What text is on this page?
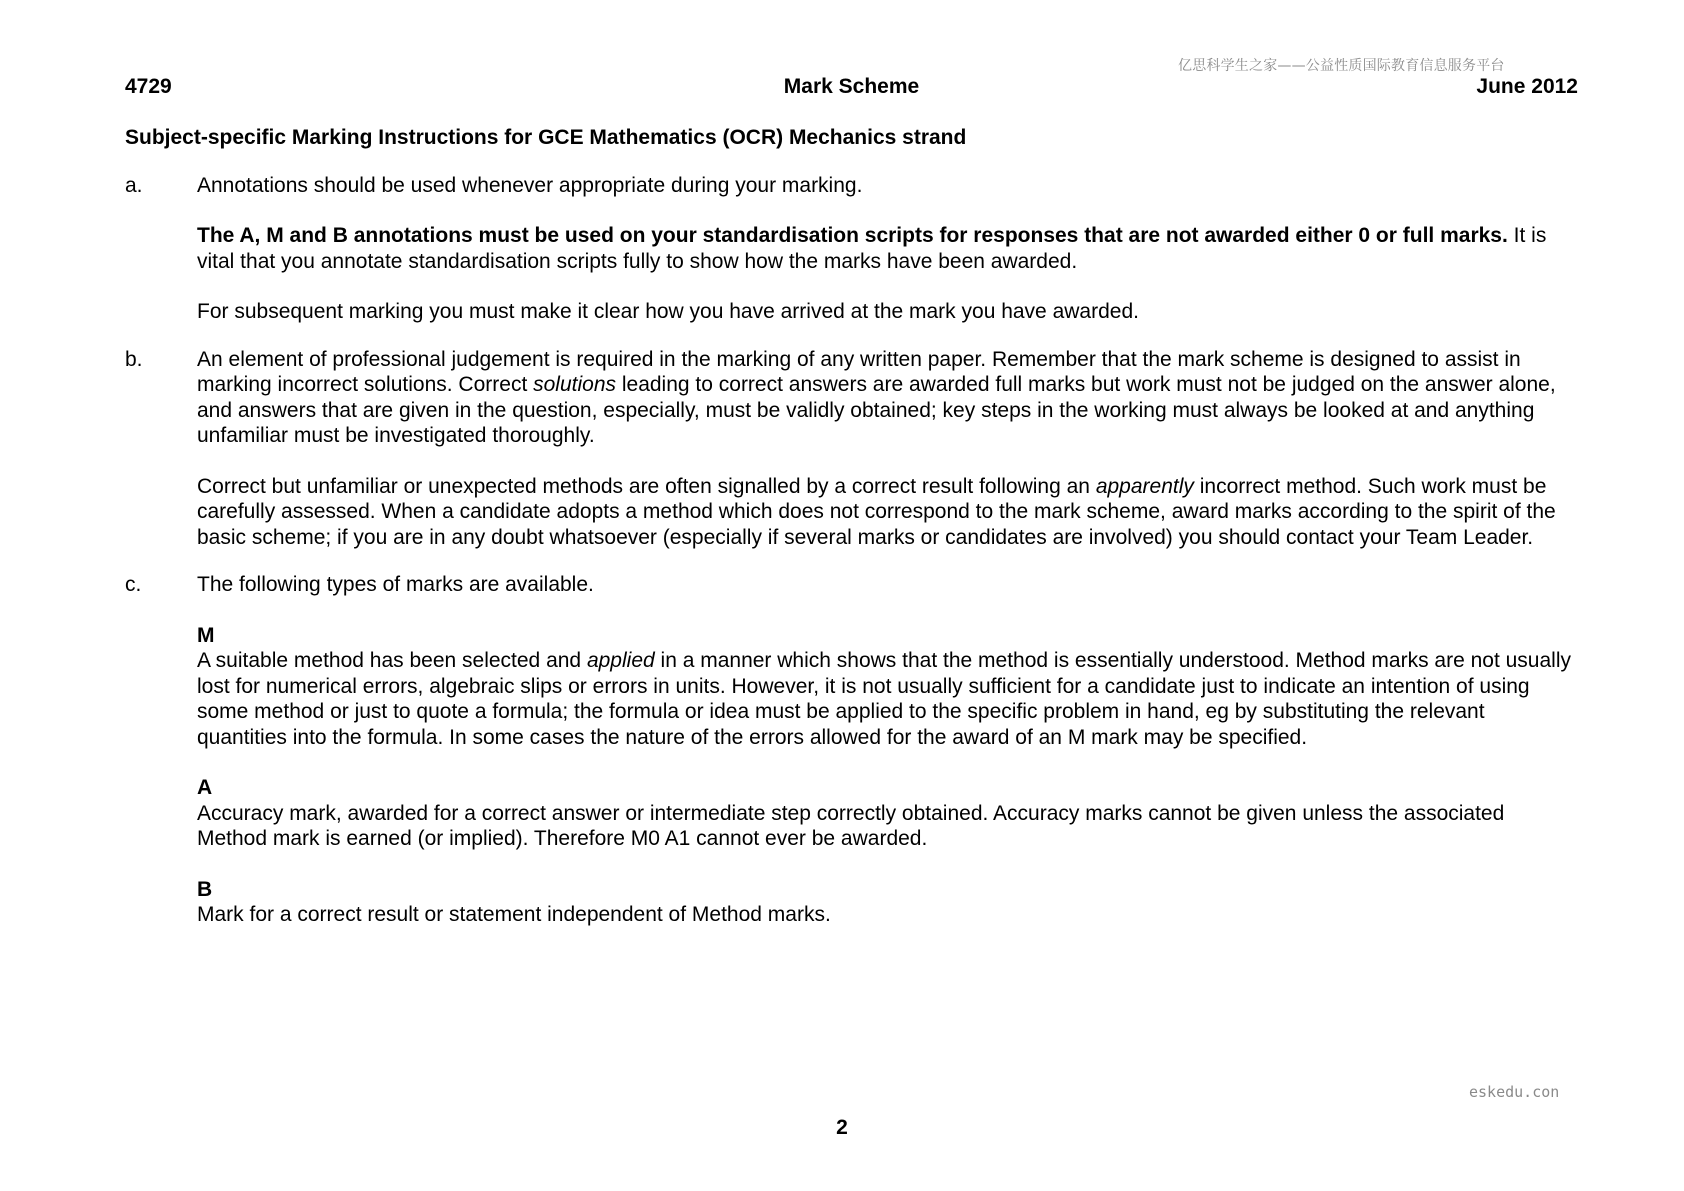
亿思科学生之家——公益性质国际教育信息服务平台
4729	Mark Scheme	June 2012
Subject-specific Marking Instructions for GCE Mathematics (OCR) Mechanics strand
a.	Annotations should be used whenever appropriate during your marking.

The A, M and B annotations must be used on your standardisation scripts for responses that are not awarded either 0 or full marks. It is vital that you annotate standardisation scripts fully to show how the marks have been awarded.

For subsequent marking you must make it clear how you have arrived at the mark you have awarded.

b.	An element of professional judgement is required in the marking of any written paper. Remember that the mark scheme is designed to assist in marking incorrect solutions. Correct solutions leading to correct answers are awarded full marks but work must not be judged on the answer alone, and answers that are given in the question, especially, must be validly obtained; key steps in the working must always be looked at and anything unfamiliar must be investigated thoroughly.

Correct but unfamiliar or unexpected methods are often signalled by a correct result following an apparently incorrect method. Such work must be carefully assessed. When a candidate adopts a method which does not correspond to the mark scheme, award marks according to the spirit of the basic scheme; if you are in any doubt whatsoever (especially if several marks or candidates are involved) you should contact your Team Leader.

c.	The following types of marks are available.

M
A suitable method has been selected and applied in a manner which shows that the method is essentially understood. Method marks are not usually lost for numerical errors, algebraic slips or errors in units. However, it is not usually sufficient for a candidate just to indicate an intention of using some method or just to quote a formula; the formula or idea must be applied to the specific problem in hand, eg by substituting the relevant quantities into the formula. In some cases the nature of the errors allowed for the award of an M mark may be specified.
A
Accuracy mark, awarded for a correct answer or intermediate step correctly obtained. Accuracy marks cannot be given unless the associated Method mark is earned (or implied). Therefore M0 A1 cannot ever be awarded.
B
Mark for a correct result or statement independent of Method marks.
eskedu.con
2
